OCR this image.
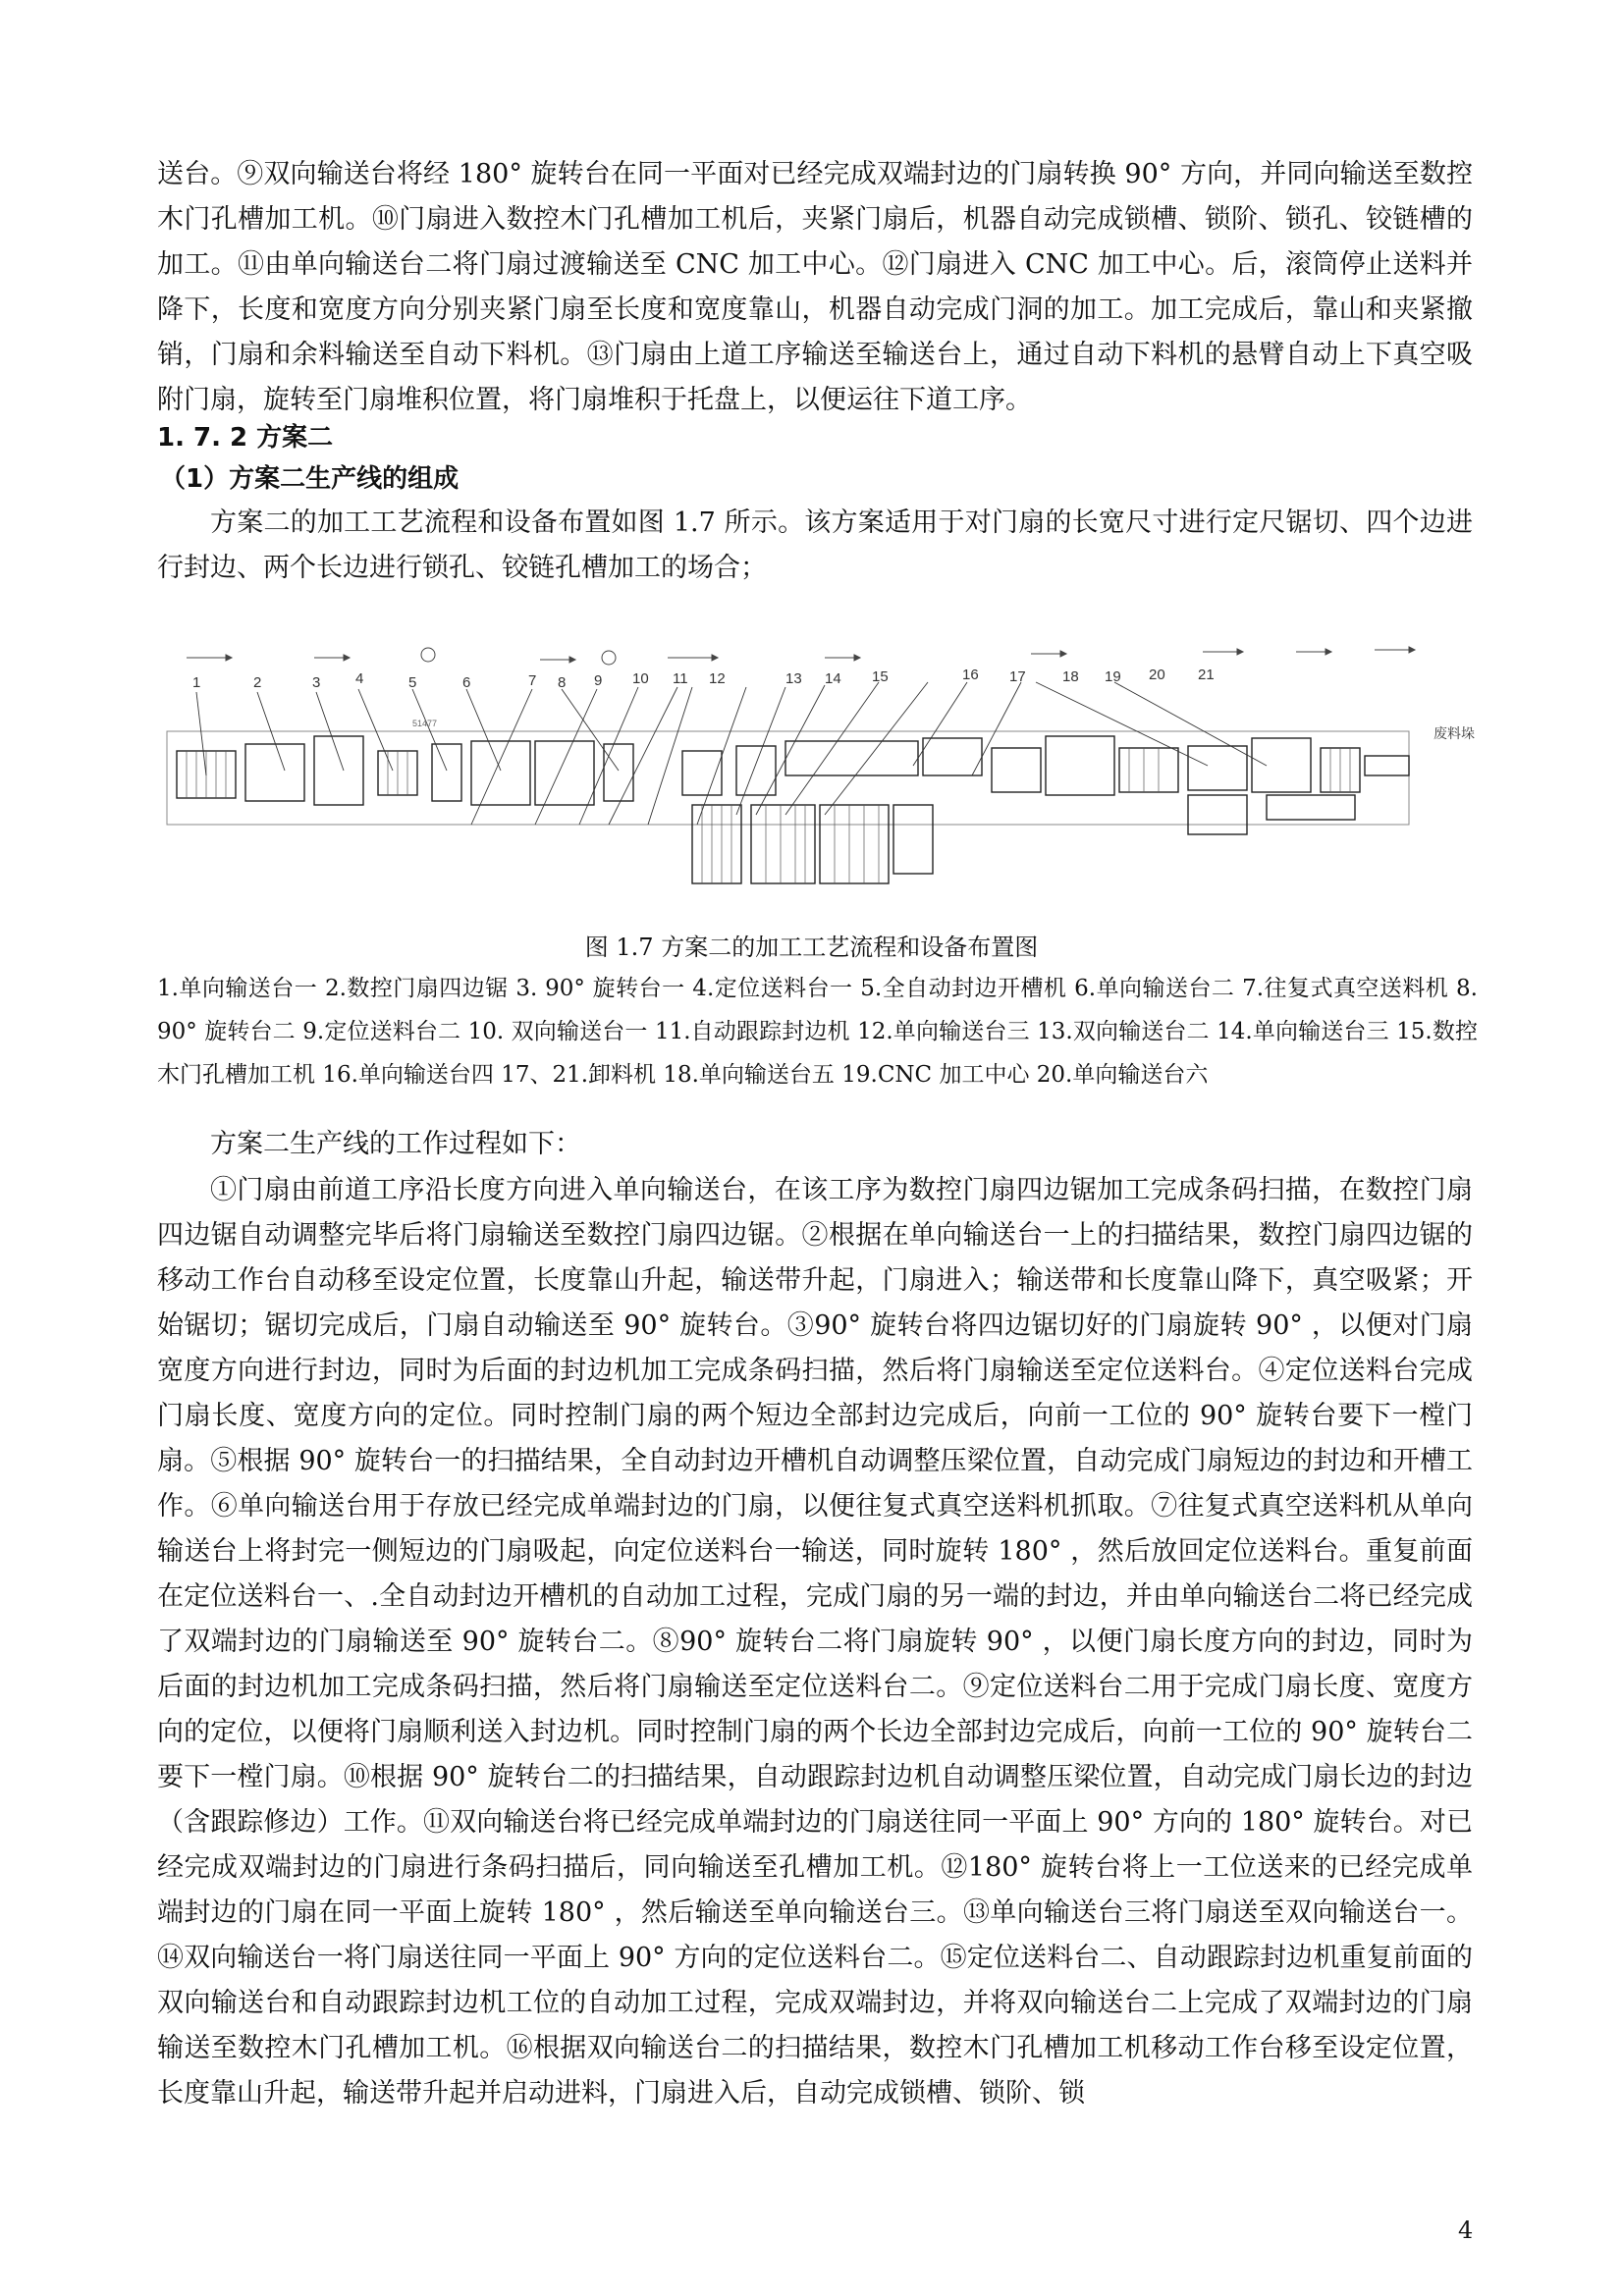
送台。⑨双向输送台将经 180° 旋转台在同一平面对已经完成双端封边的门扇转换 90° 方向，并同向输送至数控木门孔槽加工机。⑩门扇进入数控木门孔槽加工机后，夹紧门扇后，机器自动完成锁槽、锁阶、锁孔、铰链槽的加工。⑪由单向输送台二将门扇过渡输送至 CNC 加工中心。⑫门扇进入 CNC 加工中心。后，滚筒停止送料并降下，长度和宽度方向分别夹紧门扇至长度和宽度靠山，机器自动完成门洞的加工。加工完成后，靠山和夹紧撤销，门扇和余料输送至自动下料机。⑬门扇由上道工序输送至输送台上，通过自动下料机的悬臂自动上下真空吸附门扇，旋转至门扇堆积位置，将门扇堆积于托盘上，以便运往下道工序。

1. 7. 2 方案二

（1）方案二生产线的组成

方案二的加工工艺流程和设备布置如图 1.7 所示。该方案适用于对门扇的长宽尺寸进行定尺锯切、四个边进行封边、两个长边进行锁孔、铰链孔槽加工的场合；

1	2	3 4	5	6	7 8 9 10 11 12	13 14 15	16 17 18 19 20 21
51477
废料垛

图 1.7 方案二的加工工艺流程和设备布置图

1.单向输送台一 2.数控门扇四边锯 3. 90° 旋转台一 4.定位送料台一 5.全自动封边开槽机 6.单向输送台二 7.往复式真空送料机 8. 90° 旋转台二 9.定位送料台二 10. 双向输送台一 11.自动跟踪封边机 12.单向输送台三 13.双向输送台二 14.单向输送台三 15.数控木门孔槽加工机 16.单向输送台四 17、21.卸料机 18.单向输送台五 19.CNC 加工中心 20.单向输送台六

方案二生产线的工作过程如下：

①门扇由前道工序沿长度方向进入单向输送台，在该工序为数控门扇四边锯加工完成条码扫描，在数控门扇四边锯自动调整完毕后将门扇输送至数控门扇四边锯。②根据在单向输送台一上的扫描结果，数控门扇四边锯的移动工作台自动移至设定位置，长度靠山升起，输送带升起，门扇进入；输送带和长度靠山降下，真空吸紧；开始锯切；锯切完成后，门扇自动输送至 90° 旋转台。③90° 旋转台将四边锯切好的门扇旋转 90° ，以便对门扇宽度方向进行封边，同时为后面的封边机加工完成条码扫描，然后将门扇输送至定位送料台。④定位送料台完成门扇长度、宽度方向的定位。同时控制门扇的两个短边全部封边完成后，向前一工位的 90° 旋转台要下一樘门扇。⑤根据 90° 旋转台一的扫描结果，全自动封边开槽机自动调整压梁位置，自动完成门扇短边的封边和开槽工作。⑥单向输送台用于存放已经完成单端封边的门扇，以便往复式真空送料机抓取。⑦往复式真空送料机从单向输送台上将封完一侧短边的门扇吸起，向定位送料台一输送，同时旋转 180° ，然后放回定位送料台。重复前面在定位送料台一、.全自动封边开槽机的自动加工过程，完成门扇的另一端的封边，并由单向输送台二将已经完成了双端封边的门扇输送至 90° 旋转台二。⑧90° 旋转台二将门扇旋转 90° ，以便门扇长度方向的封边，同时为后面的封边机加工完成条码扫描，然后将门扇输送至定位送料台二。⑨定位送料台二用于完成门扇长度、宽度方向的定位，以便将门扇顺利送入封边机。同时控制门扇的两个长边全部封边完成后，向前一工位的 90° 旋转台二要下一樘门扇。⑩根据 90° 旋转台二的扫描结果，自动跟踪封边机自动调整压梁位置，自动完成门扇长边的封边（含跟踪修边）工作。⑪双向输送台将已经完成单端封边的门扇送往同一平面上 90° 方向的 180° 旋转台。对已经完成双端封边的门扇进行条码扫描后，同向输送至孔槽加工机。⑫180° 旋转台将上一工位送来的已经完成单端封边的门扇在同一平面上旋转 180° ，然后输送至单向输送台三。⑬单向输送台三将门扇送至双向输送台一。⑭双向输送台一将门扇送往同一平面上 90° 方向的定位送料台二。⑮定位送料台二、自动跟踪封边机重复前面的双向输送台和自动跟踪封边机工位的自动加工过程，完成双端封边，并将双向输送台二上完成了双端封边的门扇输送至数控木门孔槽加工机。⑯根据双向输送台二的扫描结果，数控木门孔槽加工机移动工作台移至设定位置，长度靠山升起，输送带升起并启动进料，门扇进入后，自动完成锁槽、锁阶、锁

4
